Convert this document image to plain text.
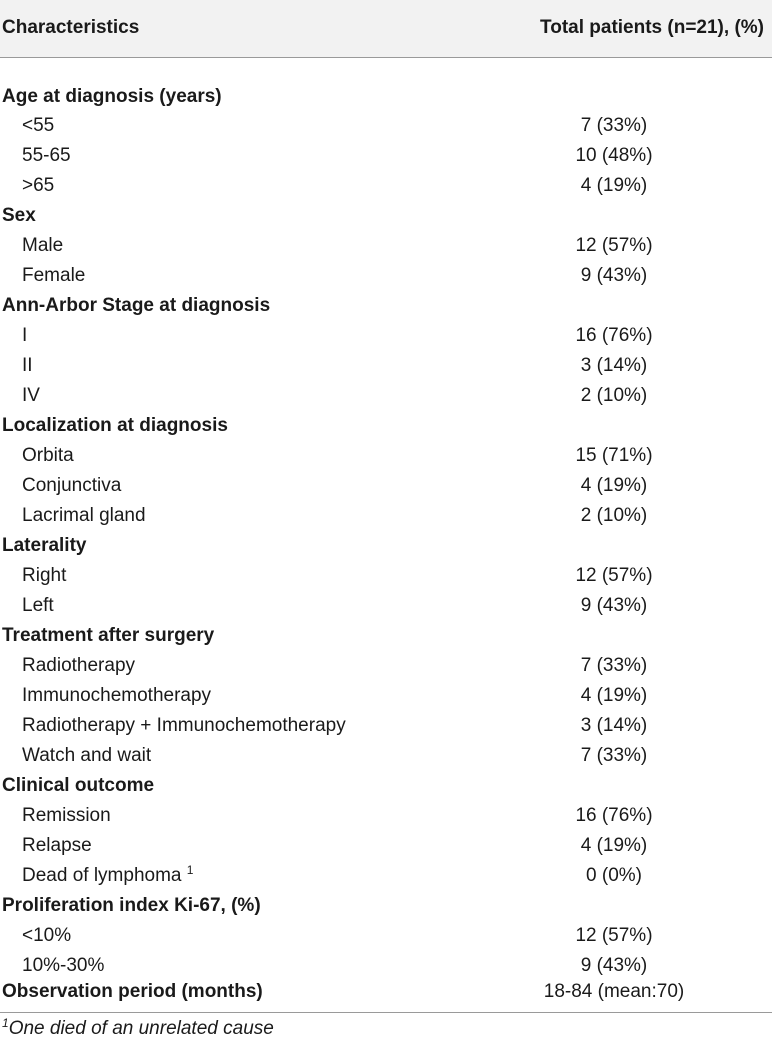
Characteristics	Total patients (n=21), (%)
Age at diagnosis (years)	
<55	7 (33%)
55-65	10 (48%)
>65	4 (19%)
Sex	
Male	12 (57%)
Female	9 (43%)
Ann-Arbor Stage at diagnosis	
I	16 (76%)
II	3 (14%)
IV	2 (10%)
Localization at diagnosis	
Orbita	15 (71%)
Conjunctiva	4 (19%)
Lacrimal gland	2 (10%)
Laterality	
Right	12 (57%)
Left	9 (43%)
Treatment after surgery	
Radiotherapy	7 (33%)
Immunochemotherapy	4 (19%)
Radiotherapy + Immunochemotherapy	3 (14%)
Watch and wait	7 (33%)
Clinical outcome	
Remission	16 (76%)
Relapse	4 (19%)
Dead of lymphoma $^1$	0 (0%)
Proliferation index Ki-67, (%)	
<10%	12 (57%)
10%-30%	9 (43%)
Observation period (months)	18-84 (mean:70)
$^1$One died of an unrelated cause
